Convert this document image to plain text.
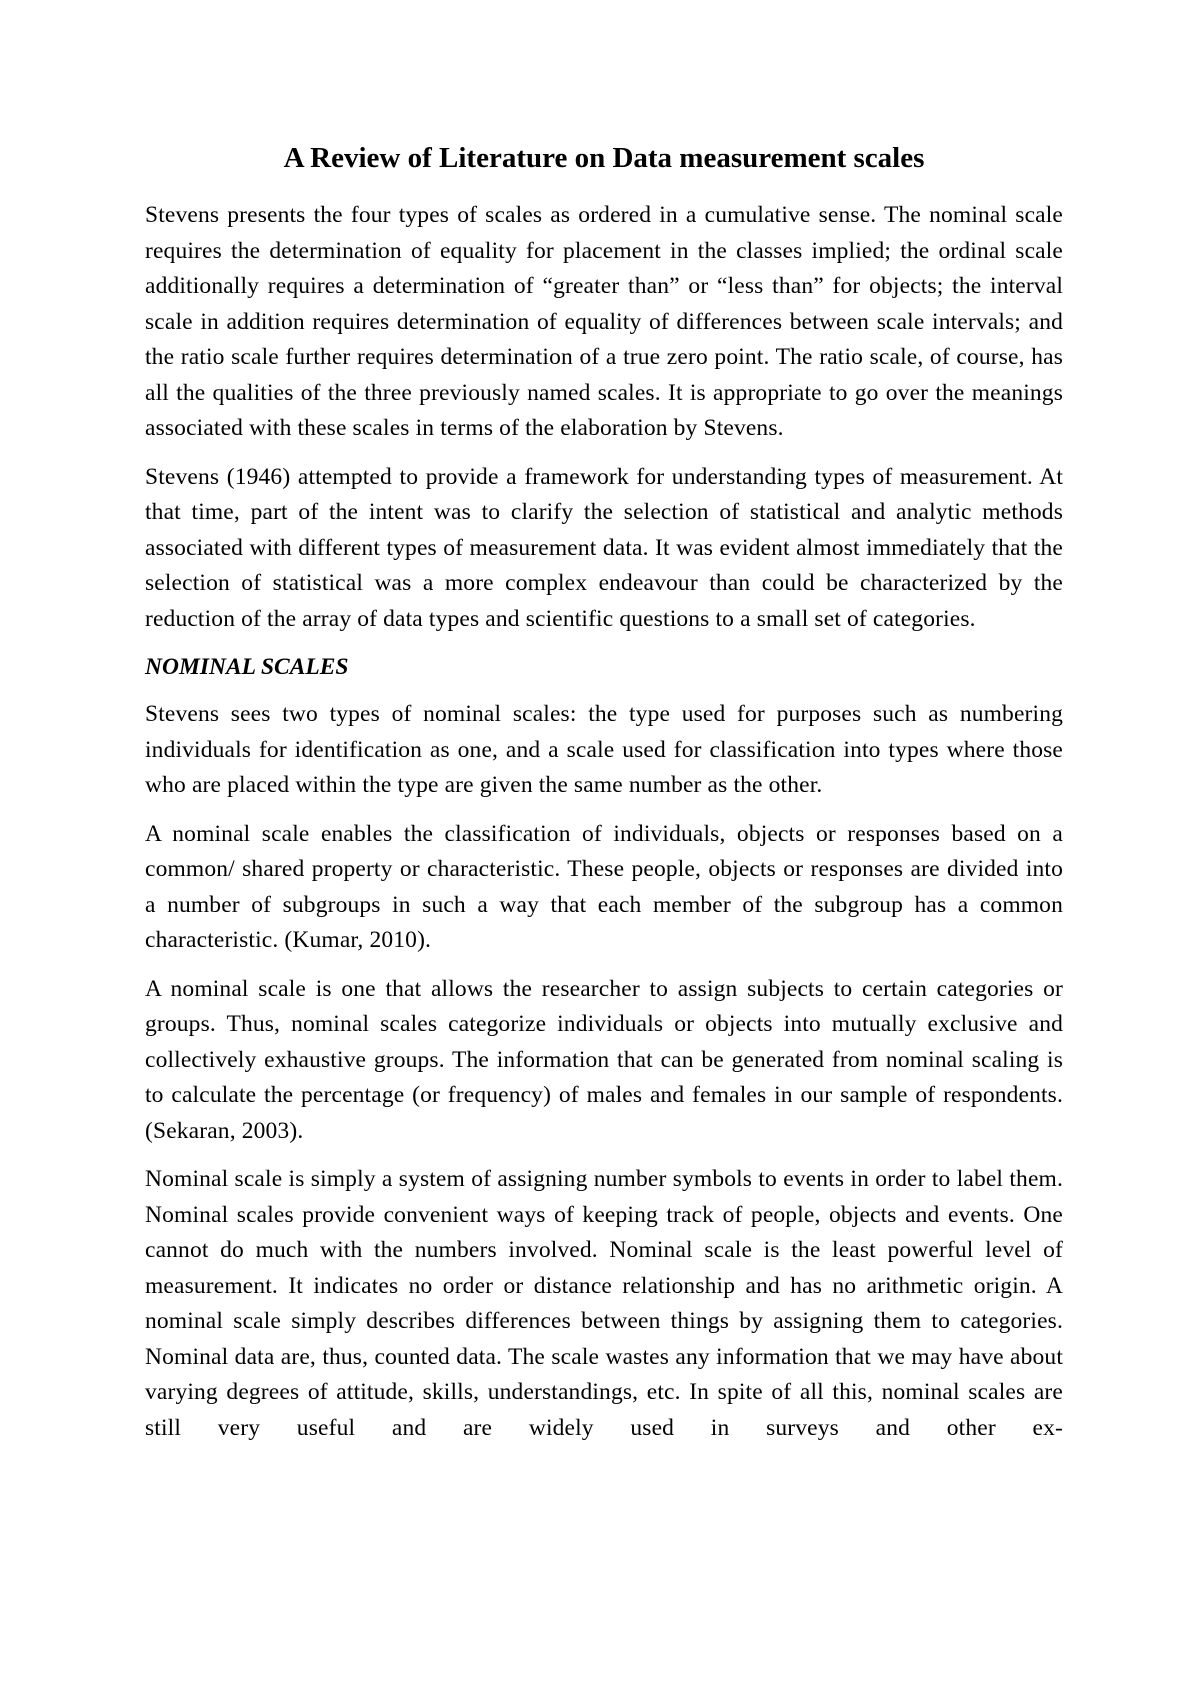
A Review of Literature on Data measurement scales

Stevens presents the four types of scales as ordered in a cumulative sense. The nominal scale requires the determination of equality for placement in the classes implied; the ordinal scale additionally requires a determination of “greater than” or “less than” for objects; the interval scale in addition requires determination of equality of differences between scale intervals; and the ratio scale further requires determination of a true zero point. The ratio scale, of course, has all the qualities of the three previously named scales. It is appropriate to go over the meanings associated with these scales in terms of the elaboration by Stevens.

Stevens (1946) attempted to provide a framework for understanding types of measurement. At that time, part of the intent was to clarify the selection of statistical and analytic methods associated with different types of measurement data. It was evident almost immediately that the selection of statistical was a more complex endeavour than could be characterized by the reduction of the array of data types and scientific questions to a small set of categories.

NOMINAL SCALES

Stevens sees two types of nominal scales: the type used for purposes such as numbering individuals for identification as one, and a scale used for classification into types where those who are placed within the type are given the same number as the other.

A nominal scale enables the classification of individuals, objects or responses based on a common/ shared property or characteristic. These people, objects or responses are divided into a number of subgroups in such a way that each member of the subgroup has a common characteristic. (Kumar, 2010).

A nominal scale is one that allows the researcher to assign subjects to certain categories or groups. Thus, nominal scales categorize individuals or objects into mutually exclusive and collectively exhaustive groups. The information that can be generated from nominal scaling is to calculate the percentage (or frequency) of males and females in our sample of respondents. (Sekaran, 2003).

Nominal scale is simply a system of assigning number symbols to events in order to label them. Nominal scales provide convenient ways of keeping track of people, objects and events. One cannot do much with the numbers involved. Nominal scale is the least powerful level of measurement. It indicates no order or distance relationship and has no arithmetic origin. A nominal scale simply describes differences between things by assigning them to categories. Nominal data are, thus, counted data. The scale wastes any information that we may have about varying degrees of attitude, skills, understandings, etc. In spite of all this, nominal scales are still very useful and are widely used in surveys and other ex-
